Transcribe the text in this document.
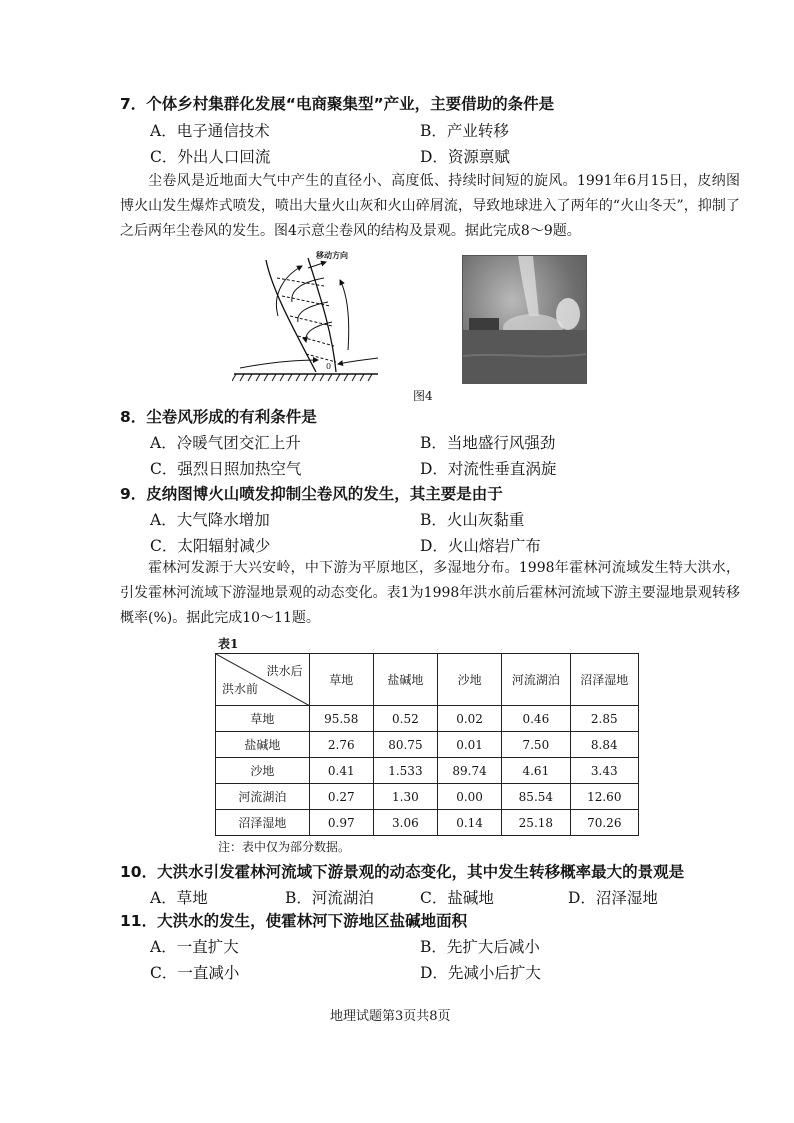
7．个体乡村集群化发展“电商聚集型”产业，主要借助的条件是
A．电子通信技术	B．产业转移
C．外出人口回流	D．资源禀赋
尘卷风是近地面大气中产生的直径小、高度低、持续时间短的旋风。1991年6月15日，皮纳图博火山发生爆炸式喷发，喷出大量火山灰和火山碎屑流，导致地球进入了两年的“火山冬天”，抑制了之后两年尘卷风的发生。图4示意尘卷风的结构及景观。据此完成8～9题。
移动方向
0
图4
8．尘卷风形成的有利条件是
A．冷暖气团交汇上升	B．当地盛行风强劲
C．强烈日照加热空气	D．对流性垂直涡旋
9．皮纳图博火山喷发抑制尘卷风的发生，其主要是由于
A．大气降水增加	B．火山灰黏重
C．太阳辐射减少	D．火山熔岩广布
霍林河发源于大兴安岭，中下游为平原地区，多湿地分布。1998年霍林河流域发生特大洪水，引发霍林河流域下游湿地景观的动态变化。表1为1998年洪水前后霍林河流域下游主要湿地景观转移概率(%)。据此完成10～11题。
表1
洪水后
洪水前	草地	盐碱地	沙地	河流湖泊	沼泽湿地
草地	95.58	0.52	0.02	0.46	2.85
盐碱地	2.76	80.75	0.01	7.50	8.84
沙地	0.41	1.533	89.74	4.61	3.43
河流湖泊	0.27	1.30	0.00	85.54	12.60
沼泽湿地	0.97	3.06	0.14	25.18	70.26
注：表中仅为部分数据。
10．大洪水引发霍林河流域下游景观的动态变化，其中发生转移概率最大的景观是
A．草地	B．河流湖泊	C．盐碱地	D．沼泽湿地
11．大洪水的发生，使霍林河下游地区盐碱地面积
A．一直扩大	B．先扩大后减小
C．一直减小	D．先减小后扩大
地理试题第3页共8页
